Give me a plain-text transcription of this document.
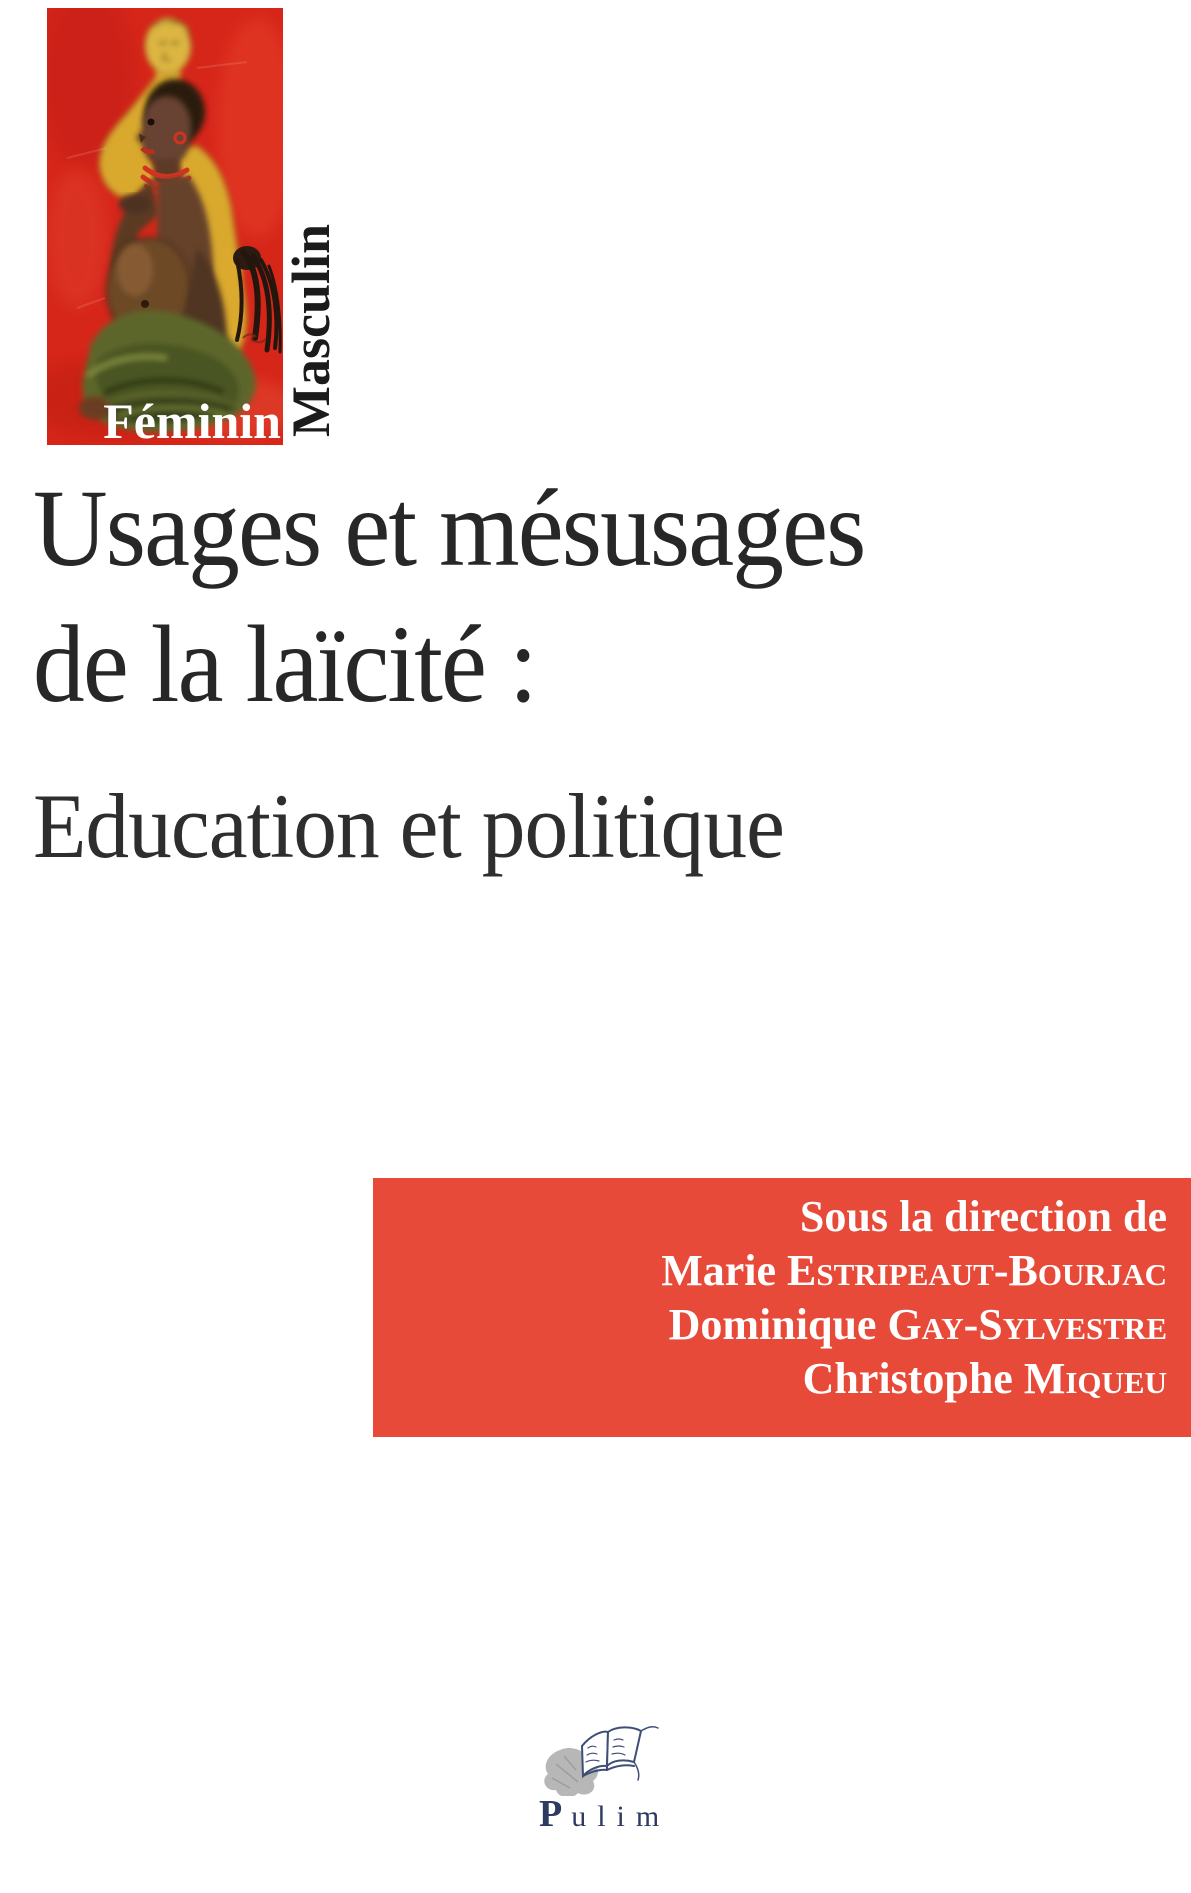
Féminin Masculin
Usages et mésusages
de la laïcité :
Education et politique
Sous la direction de
Marie Estripeaut-Bourjac
Dominique Gay-Sylvestre
Christophe Miqueu
Pulim
